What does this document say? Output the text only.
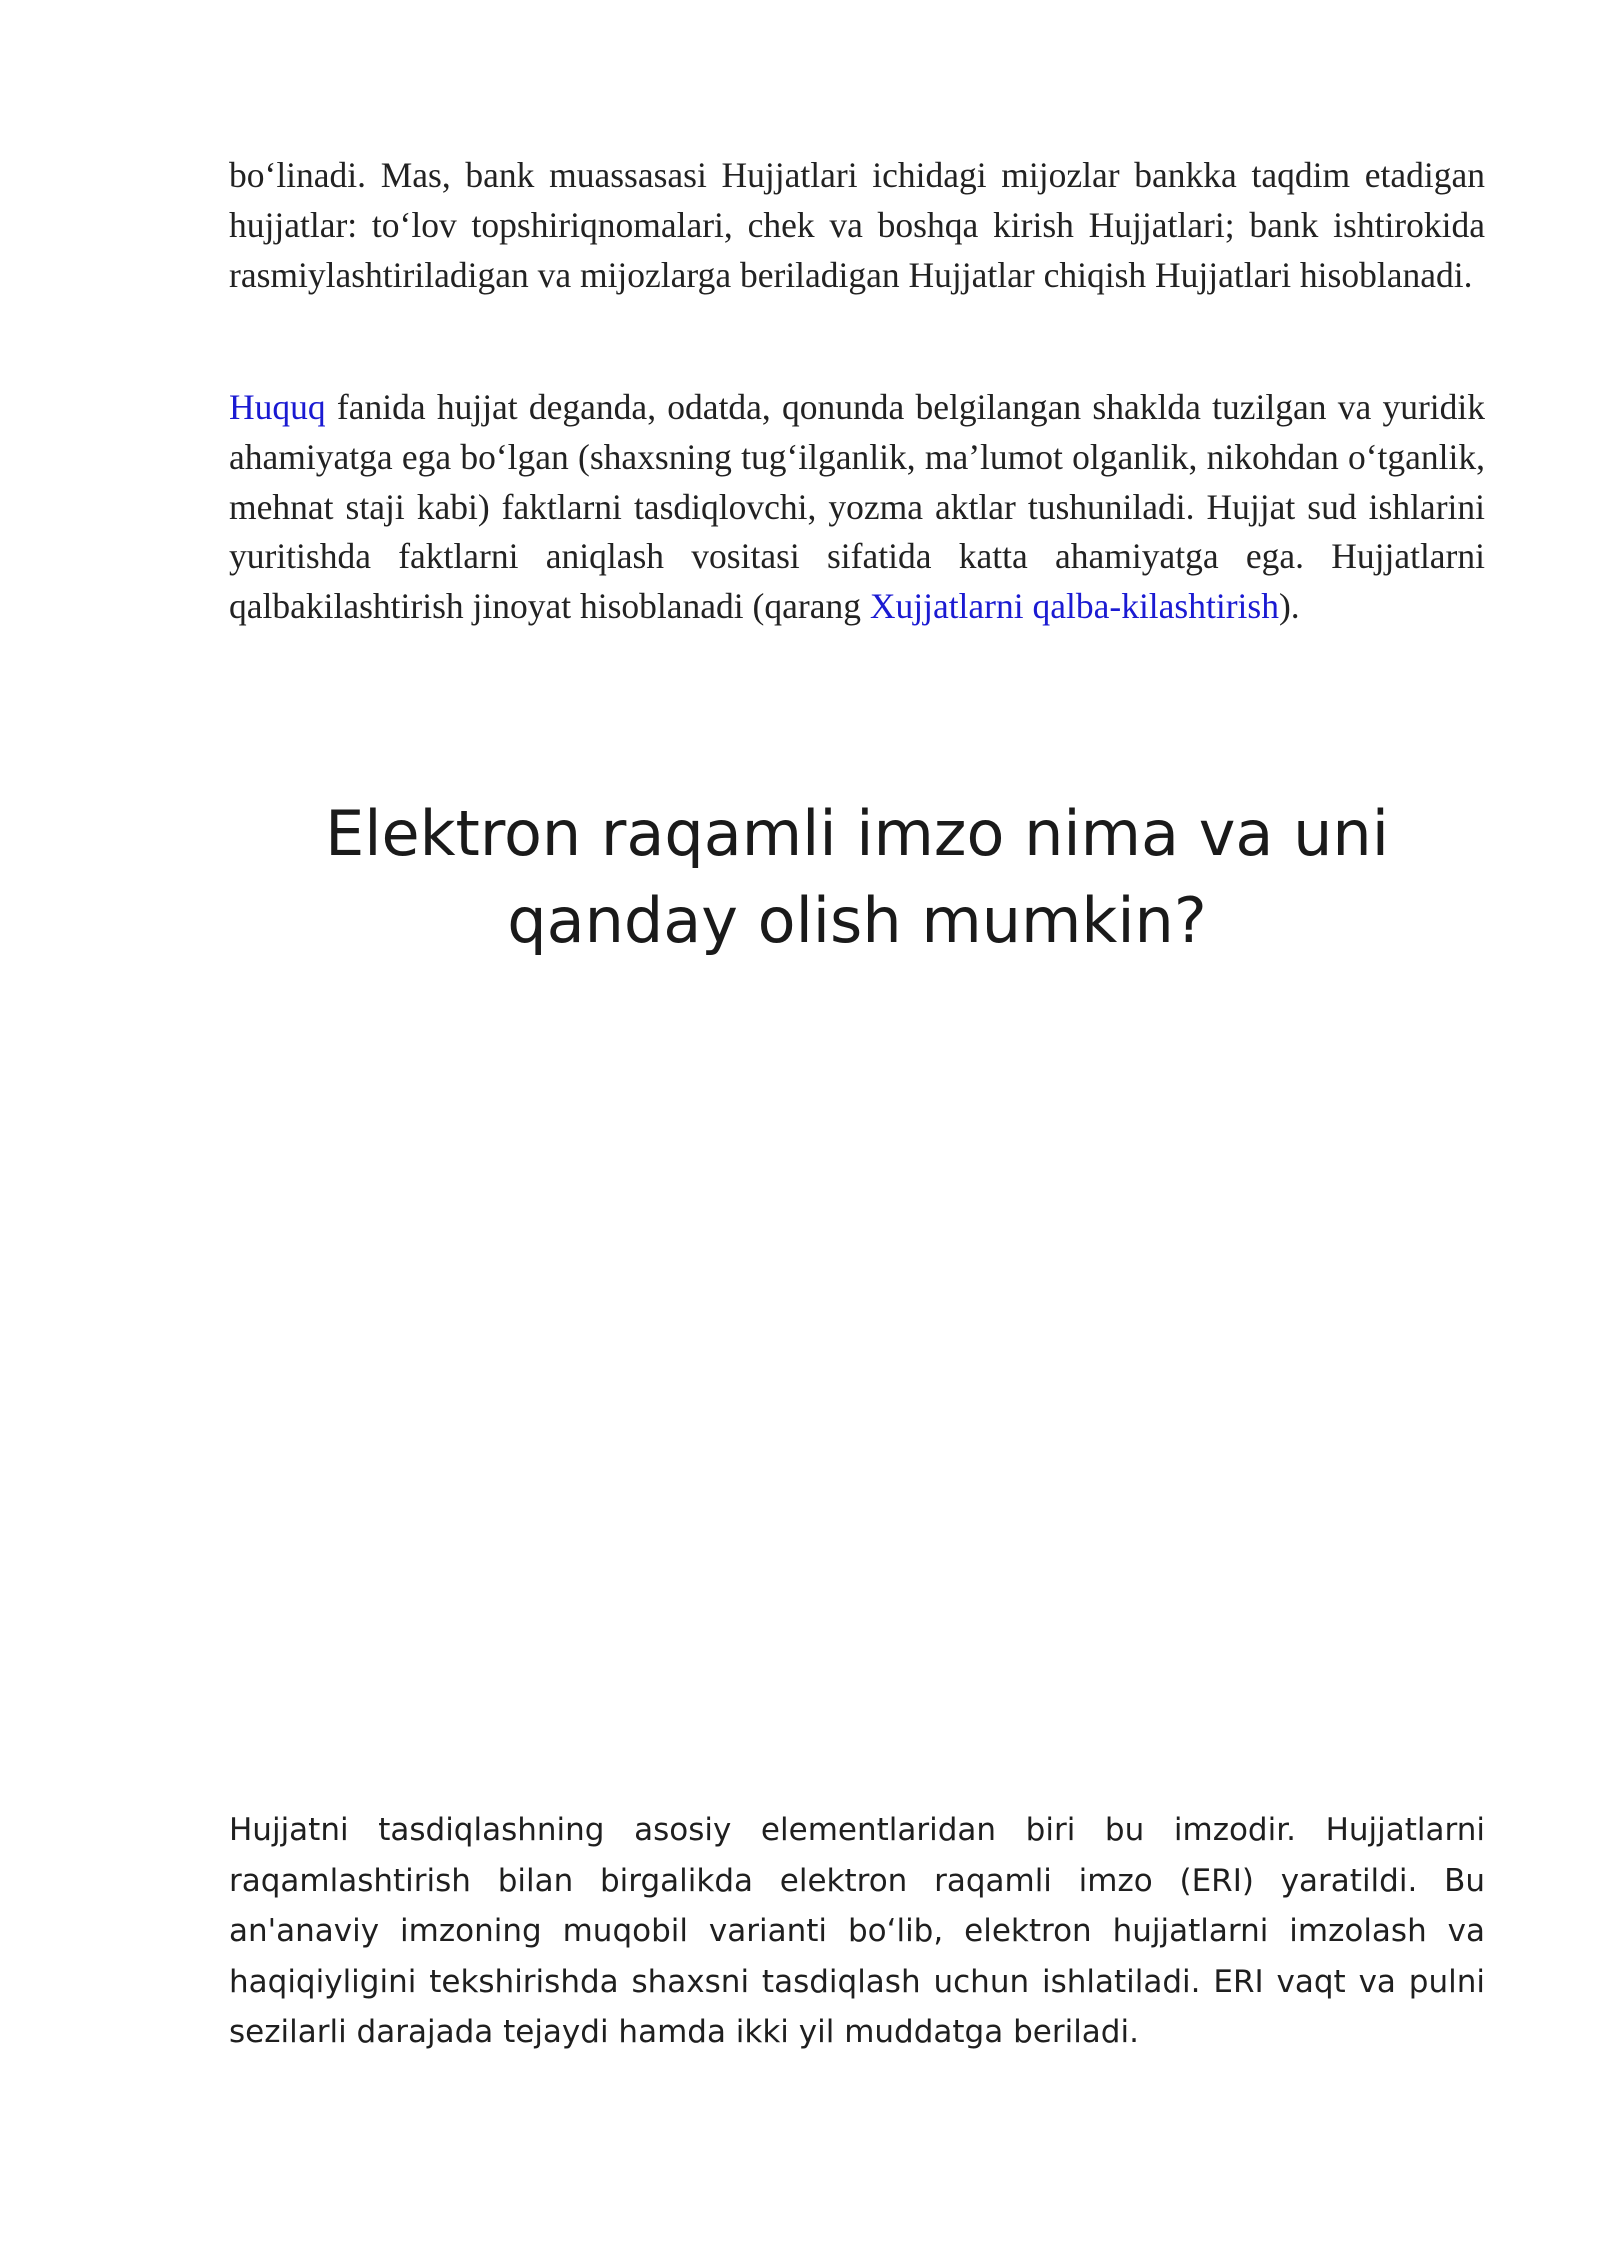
bo‘linadi. Mas, bank muassasasi Hujjatlari ichidagi mijozlar bankka taqdim etadigan hujjatlar: to‘lov topshiriqnomalari, chek va boshqa kirish Hujjatlari; bank ishtirokida rasmiylashtiriladigan va mijozlarga beriladigan Hujjatlar chiqish Hujjatlari hisoblanadi.

Huquq fanida hujjat deganda, odatda, qonunda belgilangan shaklda tuzilgan va yuridik ahamiyatga ega bo‘lgan (shaxsning tug‘ilganlik, ma’lumot olganlik, nikohdan o‘tganlik, mehnat staji kabi) faktlarni tasdiqlovchi, yozma aktlar tushuniladi. Hujjat sud ishlarini yuritishda faktlarni aniqlash vositasi sifatida katta ahamiyatga ega. Hujjatlarni qalbakilashtirish jinoyat hisoblanadi (qarang Xujjatlarni qalba-kilashtirish).

Elektron raqamli imzo nima va uni
qanday olish mumkin?

Hujjatni tasdiqlashning asosiy elementlaridan biri bu imzodir. Hujjatlarni raqamlashtirish bilan birgalikda elektron raqamli imzo (ERI) yaratildi. Bu an'anaviy imzoning muqobil varianti bo‘lib, elektron hujjatlarni imzolash va haqiqiyligini tekshirishda shaxsni tasdiqlash uchun ishlatiladi. ERI vaqt va pulni sezilarli darajada tejaydi hamda ikki yil muddatga beriladi.
